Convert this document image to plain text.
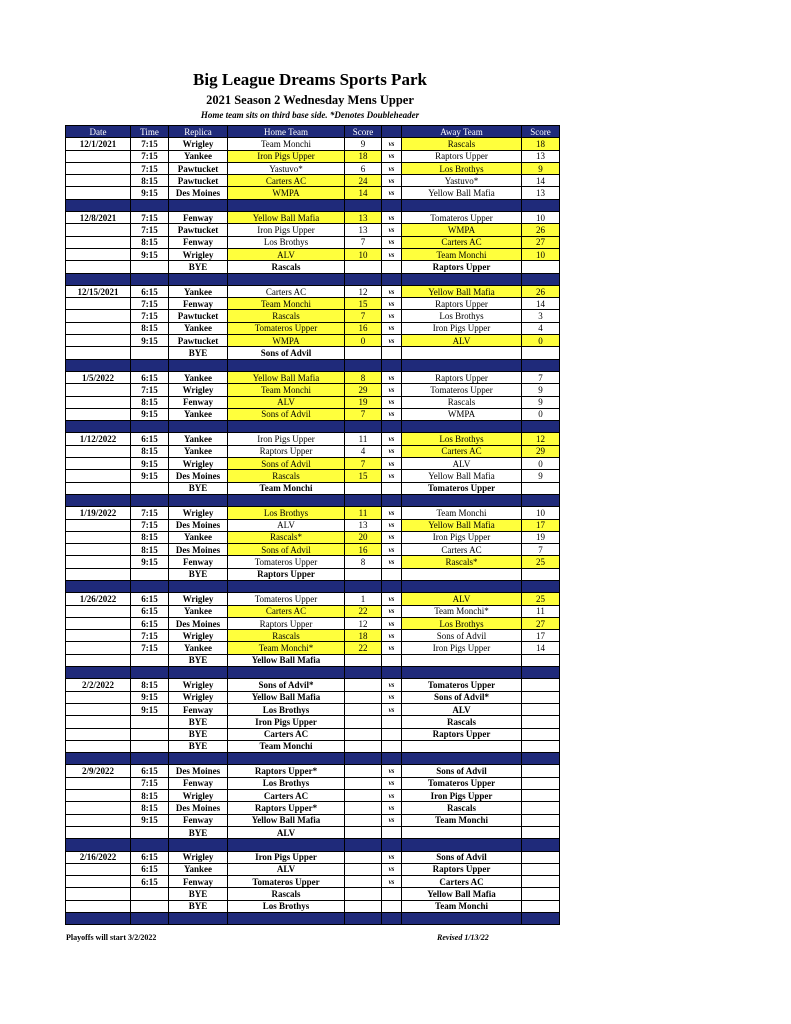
Big League Dreams Sports Park
2021 Season 2 Wednesday Mens Upper
Home team sits on third base side. *Denotes Doubleheader
Date	Time	Replica	Home Team	Score		Away Team	Score
12/1/2021	7:15	Wrigley	Team Monchi	9	vs	Rascals	18
	7:15	Yankee	Iron Pigs Upper	18	vs	Raptors Upper	13
	7:15	Pawtucket	Yastuvo*	6	vs	Los Brothys	9
	8:15	Pawtucket	Carters AC	24	vs	Yastuvo*	14
	9:15	Des Moines	WMPA	14	vs	Yellow Ball Mafia	13

12/8/2021	7:15	Fenway	Yellow Ball Mafia	13	vs	Tomateros Upper	10
	7:15	Pawtucket	Iron Pigs Upper	13	vs	WMPA	26
	8:15	Fenway	Los Brothys	7	vs	Carters AC	27
	9:15	Wrigley	ALV	10	vs	Team Monchi	10
		BYE	Rascals			Raptors Upper	

12/15/2021	6:15	Yankee	Carters AC	12	vs	Yellow Ball Mafia	26
	7:15	Fenway	Team Monchi	15	vs	Raptors Upper	14
	7:15	Pawtucket	Rascals	7	vs	Los Brothys	3
	8:15	Yankee	Tomateros Upper	16	vs	Iron Pigs Upper	4
	9:15	Pawtucket	WMPA	0	vs	ALV	0
		BYE	Sons of Advil				

1/5/2022	6:15	Yankee	Yellow Ball Mafia	8	vs	Raptors Upper	7
	7:15	Wrigley	Team Monchi	29	vs	Tomateros Upper	9
	8:15	Fenway	ALV	19	vs	Rascals	9
	9:15	Yankee	Sons of Advil	7	vs	WMPA	0

1/12/2022	6:15	Yankee	Iron Pigs Upper	11	vs	Los Brothys	12
	8:15	Yankee	Raptors Upper	4	vs	Carters AC	29
	9:15	Wrigley	Sons of Advil	7	vs	ALV	0
	9:15	Des Moines	Rascals	15	vs	Yellow Ball Mafia	9
		BYE	Team Monchi			Tomateros Upper	

1/19/2022	7:15	Wrigley	Los Brothys	11	vs	Team Monchi	10
	7:15	Des Moines	ALV	13	vs	Yellow Ball Mafia	17
	8:15	Yankee	Rascals*	20	vs	Iron Pigs Upper	19
	8:15	Des Moines	Sons of Advil	16	vs	Carters AC	7
	9:15	Fenway	Tomateros Upper	8	vs	Rascals*	25
		BYE	Raptors Upper				

1/26/2022	6:15	Wrigley	Tomateros Upper	1	vs	ALV	25
	6:15	Yankee	Carters AC	22	vs	Team Monchi*	11
	6:15	Des Moines	Raptors Upper	12	vs	Los Brothys	27
	7:15	Wrigley	Rascals	18	vs	Sons of Advil	17
	7:15	Yankee	Team Monchi*	22	vs	Iron Pigs Upper	14
		BYE	Yellow Ball Mafia				

2/2/2022	8:15	Wrigley	Sons of Advil*		vs	Tomateros Upper	
	9:15	Wrigley	Yellow Ball Mafia		vs	Sons of Advil*	
	9:15	Fenway	Los Brothys		vs	ALV	
		BYE	Iron Pigs Upper			Rascals	
		BYE	Carters AC			Raptors Upper	
		BYE	Team Monchi				

2/9/2022	6:15	Des Moines	Raptors Upper*		vs	Sons of Advil	
	7:15	Fenway	Los Brothys		vs	Tomateros Upper	
	8:15	Wrigley	Carters AC		vs	Iron Pigs Upper	
	8:15	Des Moines	Raptors Upper*		vs	Rascals	
	9:15	Fenway	Yellow Ball Mafia		vs	Team Monchi	
		BYE	ALV				

2/16/2022	6:15	Wrigley	Iron Pigs Upper		vs	Sons of Advil	
	6:15	Yankee	ALV		vs	Raptors Upper	
	6:15	Fenway	Tomateros Upper		vs	Carters AC	
		BYE	Rascals			Yellow Ball Mafia	
		BYE	Los Brothys			Team Monchi	

Playoffs will start 3/2/2022	Revised 1/13/22
